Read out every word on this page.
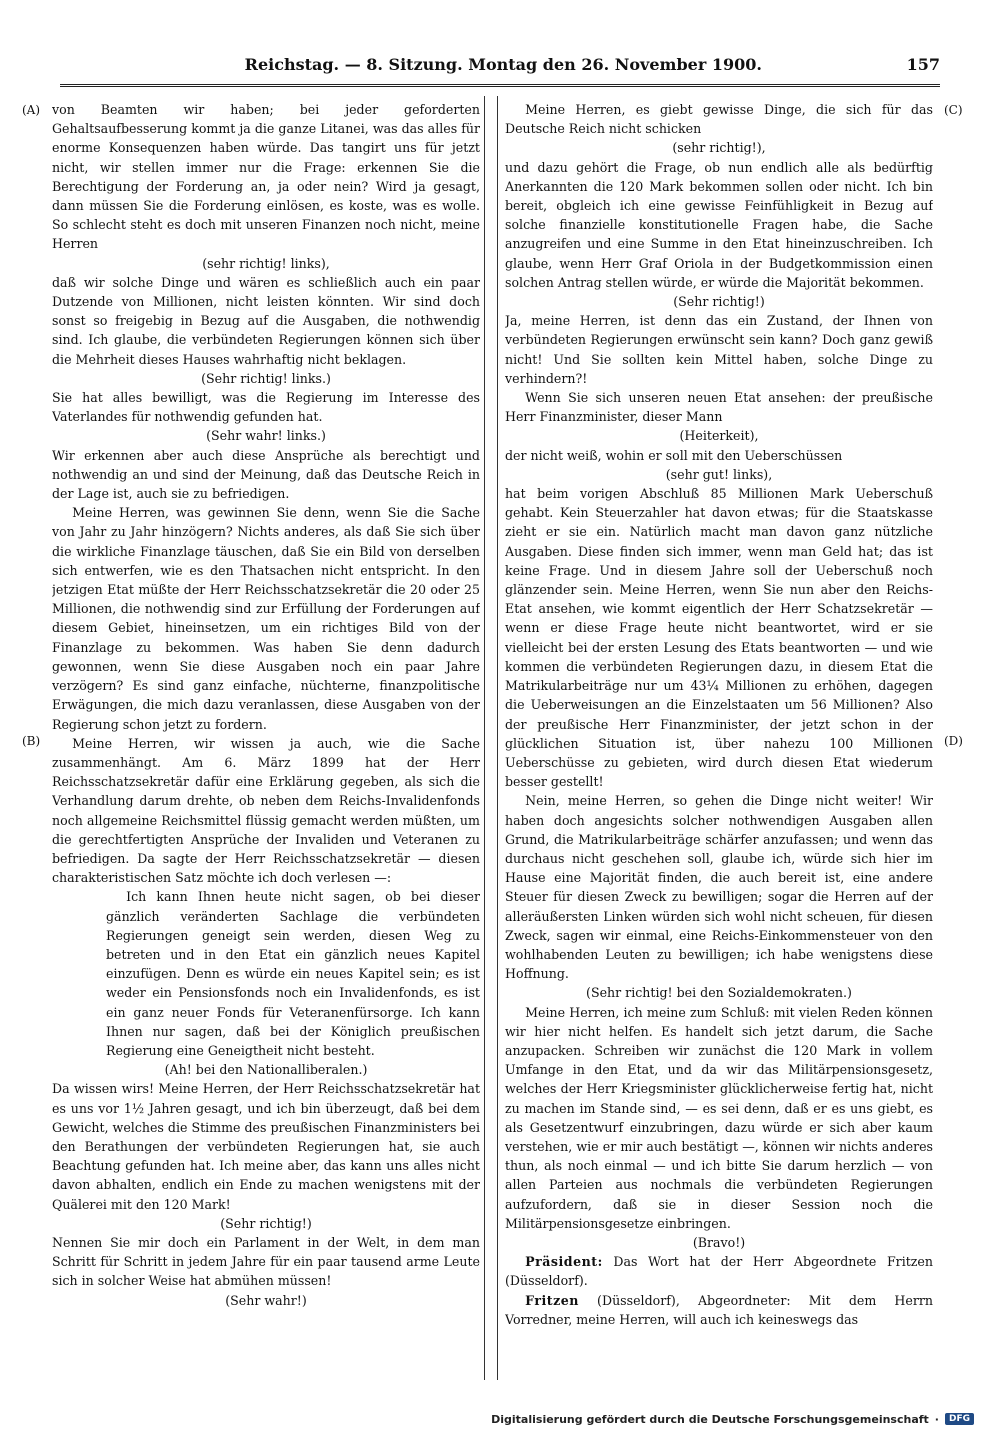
Reichstag. — 8. Sitzung. Montag den 26. November 1900.	157
(A)
(B)
(C)
(D)

von Beamten wir haben; bei jeder geforderten Gehaltsaufbesserung kommt ja die ganze Litanei, was das alles für enorme Konsequenzen haben würde. Das tangirt uns für jetzt nicht, wir stellen immer nur die Frage: erkennen Sie die Berechtigung der Forderung an, ja oder nein? Wird ja gesagt, dann müssen Sie die Forderung einlösen, es koste, was es wolle. So schlecht steht es doch mit unseren Finanzen noch nicht, meine Herren

(sehr richtig! links),

daß wir solche Dinge und wären es schließlich auch ein paar Dutzende von Millionen, nicht leisten könnten. Wir sind doch sonst so freigebig in Bezug auf die Ausgaben, die nothwendig sind. Ich glaube, die verbündeten Regierungen können sich über die Mehrheit dieses Hauses wahrhaftig nicht beklagen.

(Sehr richtig! links.)

Sie hat alles bewilligt, was die Regierung im Interesse des Vaterlandes für nothwendig gefunden hat.

(Sehr wahr! links.)

Wir erkennen aber auch diese Ansprüche als berechtigt und nothwendig an und sind der Meinung, daß das Deutsche Reich in der Lage ist, auch sie zu befriedigen.

Meine Herren, was gewinnen Sie denn, wenn Sie die Sache von Jahr zu Jahr hinzögern? Nichts anderes, als daß Sie sich über die wirkliche Finanzlage täuschen, daß Sie ein Bild von derselben sich entwerfen, wie es den Thatsachen nicht entspricht. In den jetzigen Etat müßte der Herr Reichsschatzsekretär die 20 oder 25 Millionen, die nothwendig sind zur Erfüllung der Forderungen auf diesem Gebiet, hineinsetzen, um ein richtiges Bild von der Finanzlage zu bekommen. Was haben Sie denn dadurch gewonnen, wenn Sie diese Ausgaben noch ein paar Jahre verzögern? Es sind ganz einfache, nüchterne, finanzpolitische Erwägungen, die mich dazu veranlassen, diese Ausgaben von der Regierung schon jetzt zu fordern.

Meine Herren, wir wissen ja auch, wie die Sache zusammenhängt. Am 6. März 1899 hat der Herr Reichsschatzsekretär dafür eine Erklärung gegeben, als sich die Verhandlung darum drehte, ob neben dem Reichs-Invalidenfonds noch allgemeine Reichsmittel flüssig gemacht werden müßten, um die gerechtfertigten Ansprüche der Invaliden und Veteranen zu befriedigen. Da sagte der Herr Reichsschatzsekretär — diesen charakteristischen Satz möchte ich doch verlesen —:

Ich kann Ihnen heute nicht sagen, ob bei dieser gänzlich veränderten Sachlage die verbündeten Regierungen geneigt sein werden, diesen Weg zu betreten und in den Etat ein gänzlich neues Kapitel einzufügen. Denn es würde ein neues Kapitel sein; es ist weder ein Pensionsfonds noch ein Invalidenfonds, es ist ein ganz neuer Fonds für Veteranenfürsorge. Ich kann Ihnen nur sagen, daß bei der Königlich preußischen Regierung eine Geneigtheit nicht besteht.

(Ah! bei den Nationalliberalen.)

Da wissen wirs! Meine Herren, der Herr Reichsschatzsekretär hat es uns vor 1½ Jahren gesagt, und ich bin überzeugt, daß bei dem Gewicht, welches die Stimme des preußischen Finanzministers bei den Berathungen der verbündeten Regierungen hat, sie auch Beachtung gefunden hat. Ich meine aber, das kann uns alles nicht davon abhalten, endlich ein Ende zu machen wenigstens mit der Quälerei mit den 120 Mark!

(Sehr richtig!)

Nennen Sie mir doch ein Parlament in der Welt, in dem man Schritt für Schritt in jedem Jahre für ein paar tausend arme Leute sich in solcher Weise hat abmühen müssen!

(Sehr wahr!)

Meine Herren, es giebt gewisse Dinge, die sich für das Deutsche Reich nicht schicken

(sehr richtig!),

und dazu gehört die Frage, ob nun endlich alle als bedürftig Anerkannten die 120 Mark bekommen sollen oder nicht. Ich bin bereit, obgleich ich eine gewisse Feinfühligkeit in Bezug auf solche finanzielle konstitutionelle Fragen habe, die Sache anzugreifen und eine Summe in den Etat hineinzuschreiben. Ich glaube, wenn Herr Graf Oriola in der Budgetkommission einen solchen Antrag stellen würde, er würde die Majorität bekommen.

(Sehr richtig!)

Ja, meine Herren, ist denn das ein Zustand, der Ihnen von verbündeten Regierungen erwünscht sein kann? Doch ganz gewiß nicht! Und Sie sollten kein Mittel haben, solche Dinge zu verhindern?!

Wenn Sie sich unseren neuen Etat ansehen: der preußische Herr Finanzminister, dieser Mann

(Heiterkeit),

der nicht weiß, wohin er soll mit den Ueberschüssen

(sehr gut! links),

hat beim vorigen Abschluß 85 Millionen Mark Ueberschuß gehabt. Kein Steuerzahler hat davon etwas; für die Staatskasse zieht er sie ein. Natürlich macht man davon ganz nützliche Ausgaben. Diese finden sich immer, wenn man Geld hat; das ist keine Frage. Und in diesem Jahre soll der Ueberschuß noch glänzender sein. Meine Herren, wenn Sie nun aber den Reichs-Etat ansehen, wie kommt eigentlich der Herr Schatzsekretär — wenn er diese Frage heute nicht beantwortet, wird er sie vielleicht bei der ersten Lesung des Etats beantworten — und wie kommen die verbündeten Regierungen dazu, in diesem Etat die Matrikularbeiträge nur um 43¼ Millionen zu erhöhen, dagegen die Ueberweisungen an die Einzelstaaten um 56 Millionen? Also der preußische Herr Finanzminister, der jetzt schon in der glücklichen Situation ist, über nahezu 100 Millionen Ueberschüsse zu gebieten, wird durch diesen Etat wiederum besser gestellt!

Nein, meine Herren, so gehen die Dinge nicht weiter! Wir haben doch angesichts solcher nothwendigen Ausgaben allen Grund, die Matrikularbeiträge schärfer anzufassen; und wenn das durchaus nicht geschehen soll, glaube ich, würde sich hier im Hause eine Majorität finden, die auch bereit ist, eine andere Steuer für diesen Zweck zu bewilligen; sogar die Herren auf der alleräußersten Linken würden sich wohl nicht scheuen, für diesen Zweck, sagen wir einmal, eine Reichs-Einkommensteuer von den wohlhabenden Leuten zu bewilligen; ich habe wenigstens diese Hoffnung.

(Sehr richtig! bei den Sozialdemokraten.)

Meine Herren, ich meine zum Schluß: mit vielen Reden können wir hier nicht helfen. Es handelt sich jetzt darum, die Sache anzupacken. Schreiben wir zunächst die 120 Mark in vollem Umfange in den Etat, und da wir das Militärpensionsgesetz, welches der Herr Kriegsminister glücklicherweise fertig hat, nicht zu machen im Stande sind, — es sei denn, daß er es uns giebt, es als Gesetzentwurf einzubringen, dazu würde er sich aber kaum verstehen, wie er mir auch bestätigt —, können wir nichts anderes thun, als noch einmal — und ich bitte Sie darum herzlich — von allen Parteien aus nochmals die verbündeten Regierungen aufzufordern, daß sie in dieser Session noch die Militärpensionsgesetze einbringen.

(Bravo!)

Präsident: Das Wort hat der Herr Abgeordnete Fritzen (Düsseldorf).

Fritzen (Düsseldorf), Abgeordneter: Mit dem Herrn Vorredner, meine Herren, will auch ich keineswegs das

Digitalisierung gefördert durch die Deutsche Forschungsgemeinschaft ·	DFG
